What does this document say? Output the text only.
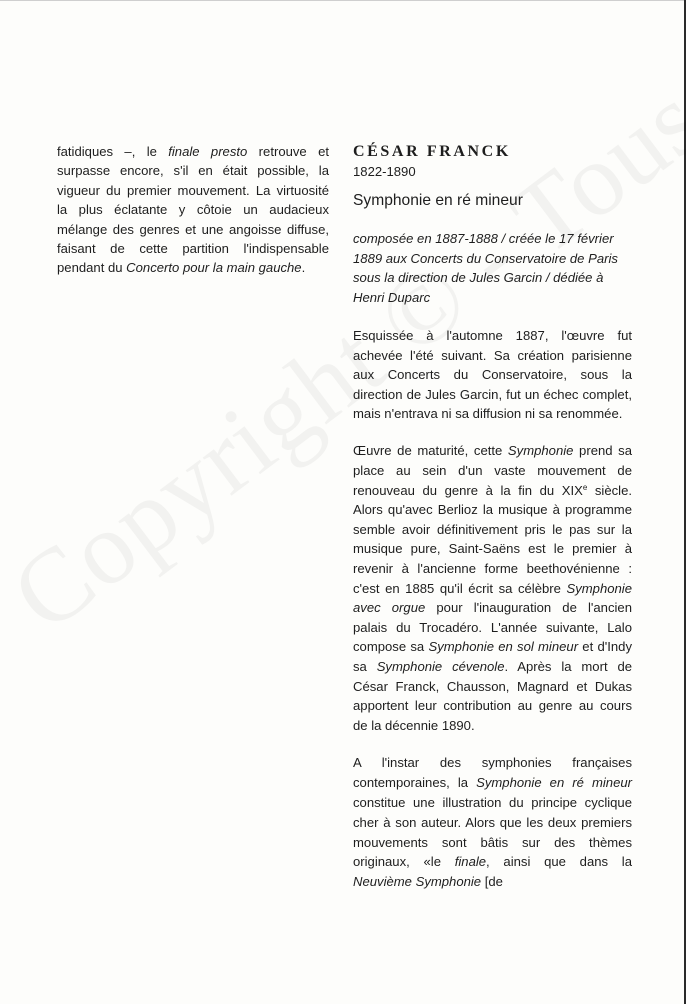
fatidiques –, le finale presto retrouve et surpasse encore, s'il en était possible, la vigueur du premier mouvement. La virtuosité la plus éclatante y côtoie un audacieux mélange des genres et une angoisse diffuse, faisant de cette partition l'indispensable pendant du Concerto pour la main gauche.

CÉSAR FRANCK
1822-1890
Symphonie en ré mineur
composée en 1887-1888 / créée le 17 février 1889 aux Concerts du Conservatoire de Paris sous la direction de Jules Garcin / dédiée à Henri Duparc

Esquissée à l'automne 1887, l'œuvre fut achevée l'été suivant. Sa création parisienne aux Concerts du Conservatoire, sous la direction de Jules Garcin, fut un échec complet, mais n'entrava ni sa diffusion ni sa renommée.

Œuvre de maturité, cette Symphonie prend sa place au sein d'un vaste mouvement de renouveau du genre à la fin du XIXe siècle. Alors qu'avec Berlioz la musique à programme semble avoir définitivement pris le pas sur la musique pure, Saint-Saëns est le premier à revenir à l'ancienne forme beethovénienne : c'est en 1885 qu'il écrit sa célèbre Symphonie avec orgue pour l'inauguration de l'ancien palais du Trocadéro. L'année suivante, Lalo compose sa Symphonie en sol mineur et d'Indy sa Symphonie cévenole. Après la mort de César Franck, Chausson, Magnard et Dukas apportent leur contribution au genre au cours de la décennie 1890.

A l'instar des symphonies françaises contemporaines, la Symphonie en ré mineur constitue une illustration du principe cyclique cher à son auteur. Alors que les deux premiers mouvements sont bâtis sur des thèmes originaux, «le finale, ainsi que dans la Neuvième Symphonie [de
